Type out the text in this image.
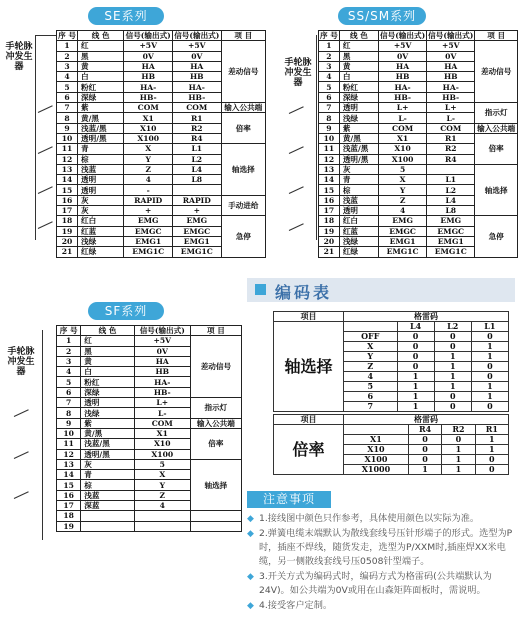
SE系列
手轮脉冲发生器
序 号	线 色	信号(输出式)	信号(输出式)	项 目
1	红	+5V	+5V	差动信号
2	黑	0V	0V	
3	黄	HA	HA	
4	白	HB	HB	
5	粉红	HA-	HA-	
6	深绿	HB-	HB-	
7	紫	COM	COM	输入公共端
8	黄/黑	X1	R1	倍率
9	浅蓝/黑	X10	R2	
10	透明/黑	X100	R4	
11	青	X	L1	轴选择
12	棕	Y	L2	
13	浅蓝	Z	L4	
14	透明	4	L8	
15	透明	-		
16	灰	RAPID	RAPID	手动进给
17	灰	+	+	
18	红白	EMG	EMG	急停
19	红蓝	EMGC	EMGC	
20	浅绿	EMG1	EMG1	
21	红绿	EMG1C	EMG1C	
SS/SM系列
手轮脉冲发生器
序 号	线 色	信号(输出式)	信号(输出式)	项 目
1	红	+5V	+5V	差动信号
2	黑	0V	0V	
3	黄	HA	HA	
4	白	HB	HB	
5	粉红	HA-	HA-	
6	深绿	HB-	HB-	
7	透明	L+	L+	指示灯
8	浅绿	L-	L-	
9	紫	COM	COM	输入公共端
10	黄/黑	X1	R1	倍率
11	浅蓝/黑	X10	R2	
12	透明/黑	X100	R4	
13	灰	5		轴选择
14	青	X	L1	
15	棕	Y	L2	
16	浅蓝	Z	L4	
17	透明	4	L8	
18	红白	EMG	EMG	急停
19	红蓝	EMGC	EMGC	
20	浅绿	EMG1	EMG1	
21	红绿	EMG1C	EMG1C	
SF系列
手轮脉冲发生器
序 号	线 色	信号(输出式)	项 目
1	红	+5V	差动信号
2	黑	0V	
3	黄	HA	
4	白	HB	
5	粉红	HA-	
6	深绿	HB-	
7	透明	L+	指示灯
8	浅绿	L-	
9	紫	COM	输入公共端
10	黄/黑	X1	倍率
11	浅蓝/黑	X10	
12	透明/黑	X100	
13	灰	5	轴选择
14	青	X	
15	棕	Y	
16	浅蓝	Z	
17	深蓝	4	
18			
19			
编码表
项目	格雷码			
轴选择		L4	L2	L1
	OFF	0	0	0
	X	0	0	1
	Y	0	1	1
	Z	0	1	0
	4	1	1	0
	5	1	1	1
	6	1	0	1
	7	1	0	0
项目	格雷码			
倍率		R4	R2	R1
	X1	0	0	1
	X10	0	1	1
	X100	0	1	0
	X1000	1	1	0
注意事项
◆ 1.接线图中颜色只作参考，具体使用颜色以实际为准。
◆ 2.弹簧电缆末端默认为散线套线号压针形端子的形式。选型为P时，插座不焊线，随货发走，选型为P/XXM时,插座焊XX米电缆，另一侧散线套线号压0508针型端子。
◆ 3.开关方式为编码式时，编码方式为格雷码(公共端默认为24V)。如公共端为0V或用在山森矩阵面板时，需说明。
◆ 4.接受客户定制。
